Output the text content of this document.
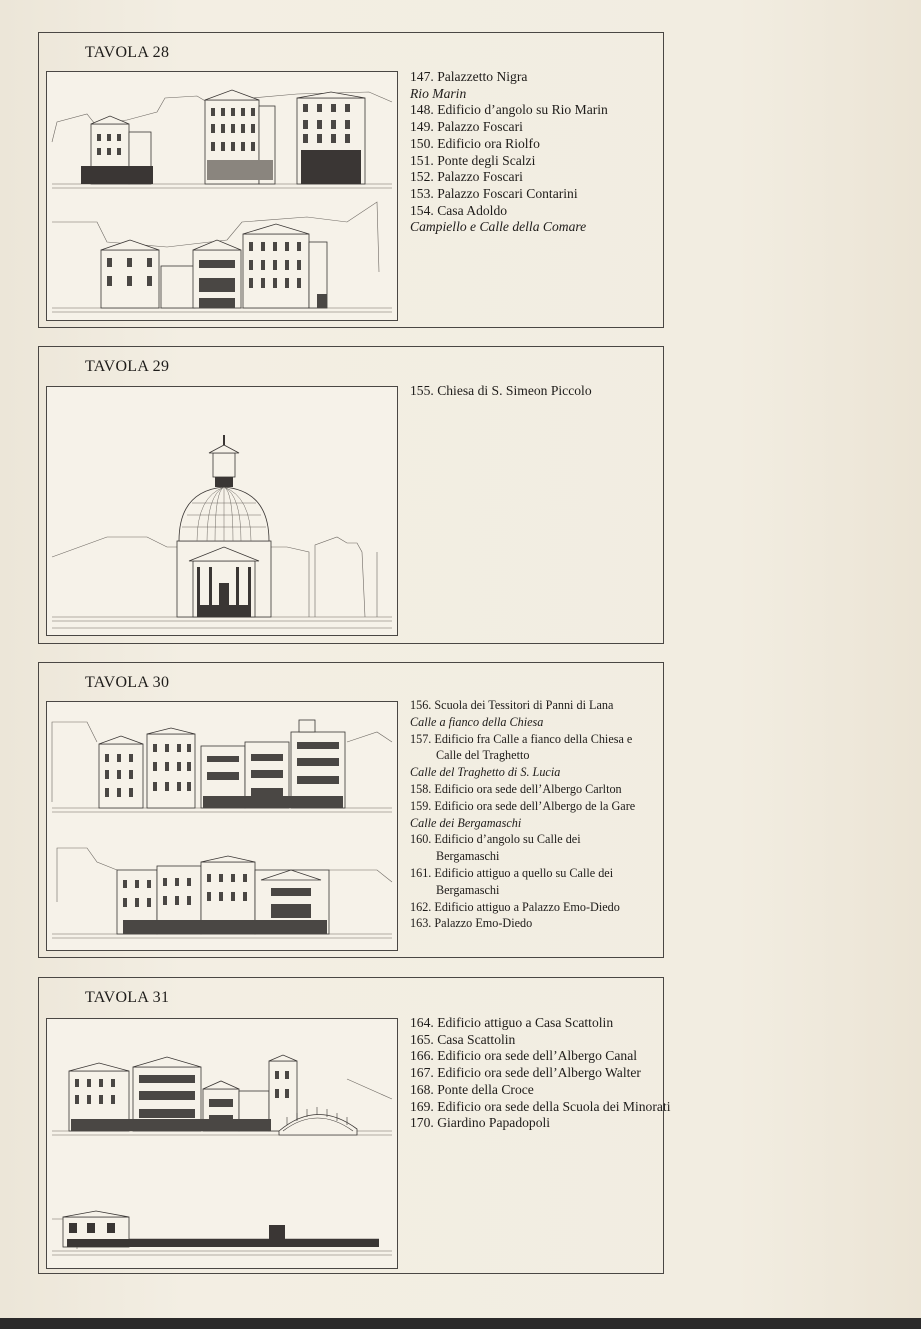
TAVOLA 28
147. Palazzetto Nigra
Rio Marin
148. Edificio d’angolo su Rio Marin
149. Palazzo Foscari
150. Edificio ora Riolfo
151. Ponte degli Scalzi
152. Palazzo Foscari
153. Palazzo Foscari Contarini
154. Casa Adoldo
Campiello e Calle della Comare
TAVOLA 29
155. Chiesa di S. Simeon Piccolo
TAVOLA 30
156. Scuola dei Tessitori di Panni di Lana
Calle a fianco della Chiesa
157. Edificio fra Calle a fianco della Chiesa e Calle del Traghetto
Calle del Traghetto di S. Lucia
158. Edificio ora sede dell’Albergo Carlton
159. Edificio ora sede dell’Albergo de la Gare
Calle dei Bergamaschi
160. Edificio d’angolo su Calle dei Bergamaschi
161. Edificio attiguo a quello su Calle dei Bergamaschi
162. Edificio attiguo a Palazzo Emo-Diedo
163. Palazzo Emo-Diedo
TAVOLA 31
164. Edificio attiguo a Casa Scattolin
165. Casa Scattolin
166. Edificio ora sede dell’Albergo Canal
167. Edificio ora sede dell’Albergo Walter
168. Ponte della Croce
169. Edificio ora sede della Scuola dei Minorati
170. Giardino Papadopoli
